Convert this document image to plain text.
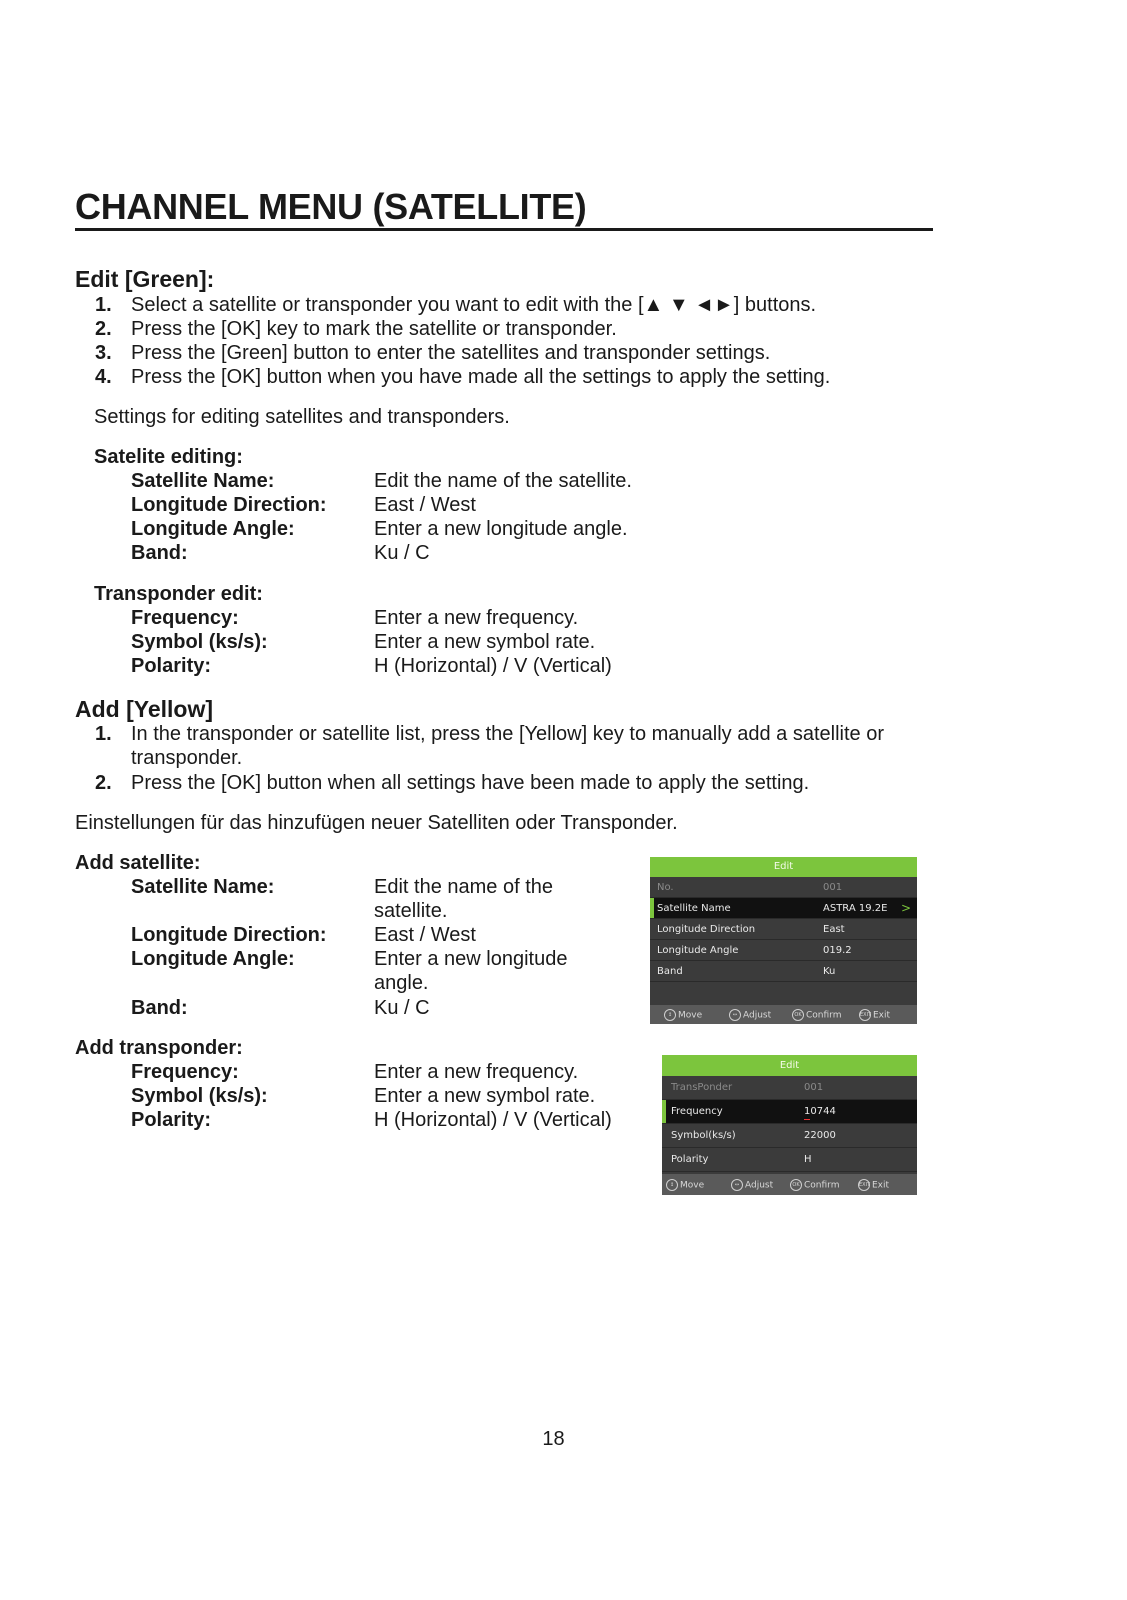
CHANNEL MENU (SATELLITE)
Edit [Green]:
1. Select a satellite or transponder you want to edit with the [▲ ▼ ◄►] buttons.
2. Press the [OK] key to mark the satellite or transponder.
3. Press the [Green] button to enter the satellites and transponder settings.
4. Press the [OK] button when you have made all the settings to apply the setting.
Settings for editing satellites and transponders.
Satelite editing:
Satellite Name:	Edit the name of the satellite.
Longitude Direction: East / West
Longitude Angle:	Enter a new longitude angle.
Band:	Ku / C
Transponder edit:
Frequency:	Enter a new frequency.
Symbol (ks/s):	Enter a new symbol rate.
Polarity:	H (Horizontal) / V (Vertical)
Add [Yellow]
1. In the transponder or satellite list, press the [Yellow] key to manually add a satellite or
transponder.
2. Press the [OK] button when all settings have been made to apply the setting.
Einstellungen für das hinzufügen neuer Satelliten oder Transponder.
Add satellite:
Satellite Name:	Edit the name of the
satellite.
Longitude Direction: East / West
Longitude Angle:	Enter a new longitude
angle.
Band:	Ku / C
Add transponder:
Frequency:	Enter a new frequency.
Symbol (ks/s):	Enter a new symbol rate.
Polarity:	H (Horizontal) / V (Vertical)
Edit
No.	001
Satellite Name	ASTRA 19.2E >
Longitude Direction	East
Longitude Angle	019.2
Band	Ku
↕ Move	↔ Adjust	OK Confirm	EXIT Exit
Edit
TransPonder	001
Frequency	10744
Symbol(ks/s)	22000
Polarity	H
↕ Move	↔ Adjust	OK Confirm	EXIT Exit
18
